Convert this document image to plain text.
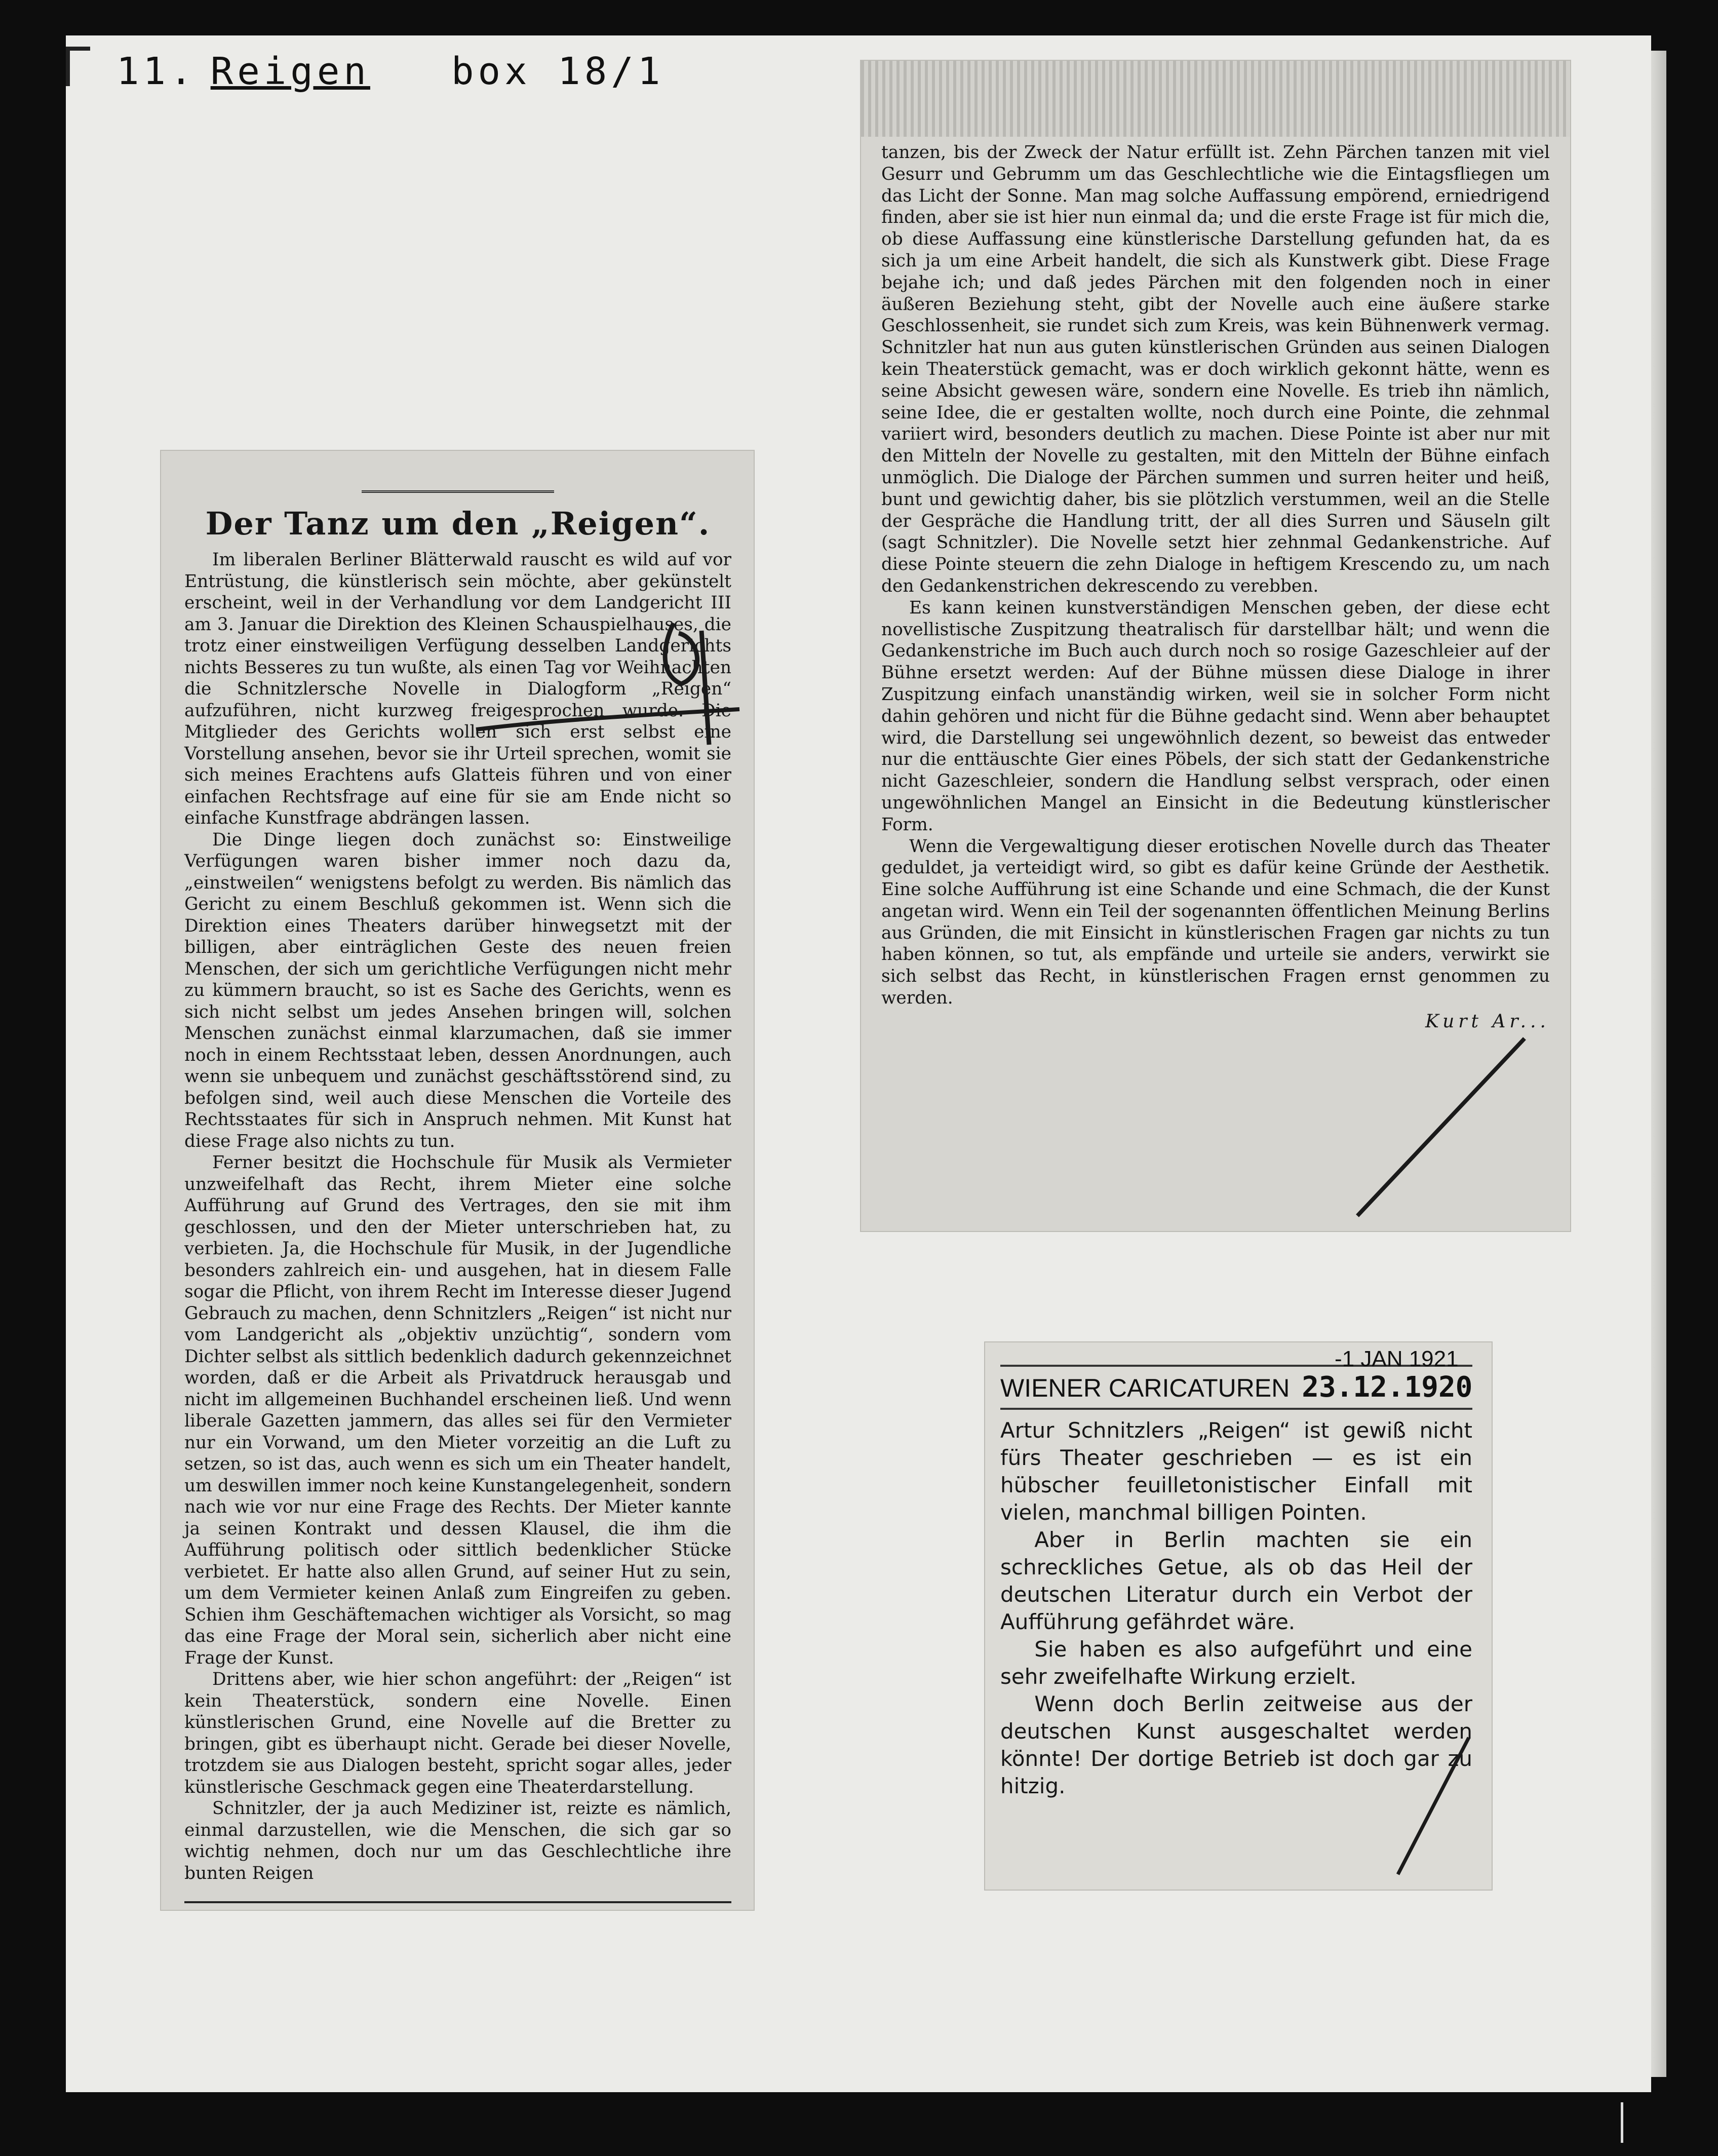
11. Reigen box 18/1

tanzen, bis der Zweck der Natur erfüllt ist. Zehn Pärchen tanzen mit viel Gesurr und Gebrumm um das Geschlechtliche wie die Eintagsfliegen um das Licht der Sonne. Man mag solche Auffassung empörend, erniedrigend finden, aber sie ist hier nun einmal da; und die erste Frage ist für mich die, ob diese Auffassung eine künstlerische Darstellung gefunden hat, da es sich ja um eine Arbeit handelt, die sich als Kunstwerk gibt. Diese Frage bejahe ich; und daß jedes Pärchen mit den folgenden noch in einer äußeren Beziehung steht, gibt der Novelle auch eine äußere starke Geschlossenheit, sie rundet sich zum Kreis, was kein Bühnenwerk vermag. Schnitzler hat nun aus guten künstlerischen Gründen aus seinen Dialogen kein Theaterstück gemacht, was er doch wirklich gekonnt hätte, wenn es seine Absicht gewesen wäre, sondern eine Novelle. Es trieb ihn nämlich, seine Idee, die er gestalten wollte, noch durch eine Pointe, die zehnmal variiert wird, besonders deutlich zu machen. Diese Pointe ist aber nur mit den Mitteln der Novelle zu gestalten, mit den Mitteln der Bühne einfach unmöglich. Die Dialoge der Pärchen summen und surren heiter und heiß, bunt und gewichtig daher, bis sie plötzlich verstummen, weil an die Stelle der Gespräche die Handlung tritt, der all dies Surren und Säuseln gilt (sagt Schnitzler). Die Novelle setzt hier zehnmal Gedankenstriche. Auf diese Pointe steuern die zehn Dialoge in heftigem Krescendo zu, um nach den Gedankenstrichen dekrescendo zu verebben.

Es kann keinen kunstverständigen Menschen geben, der diese echt novellistische Zuspitzung theatralisch für darstellbar hält; und wenn die Gedankenstriche im Buch auch durch noch so rosige Gazeschleier auf der Bühne ersetzt werden: Auf der Bühne müssen diese Dialoge in ihrer Zuspitzung einfach unanständig wirken, weil sie in solcher Form nicht dahin gehören und nicht für die Bühne gedacht sind. Wenn aber behauptet wird, die Darstellung sei ungewöhnlich dezent, so beweist das entweder nur die enttäuschte Gier eines Pöbels, der sich statt der Gedankenstriche nicht Gazeschleier, sondern die Handlung selbst versprach, oder einen ungewöhnlichen Mangel an Einsicht in die Bedeutung künstlerischer Form.

Wenn die Vergewaltigung dieser erotischen Novelle durch das Theater geduldet, ja verteidigt wird, so gibt es dafür keine Gründe der Aesthetik. Eine solche Aufführung ist eine Schande und eine Schmach, die der Kunst angetan wird. Wenn ein Teil der sogenannten öffentlichen Meinung Berlins aus Gründen, die mit Einsicht in künstlerischen Fragen gar nichts zu tun haben können, so tut, als empfände und urteile sie anders, verwirkt sie sich selbst das Recht, in künstlerischen Fragen ernst genommen zu werden.

Kurt Ar...
Der Tanz um den „Reigen“.

Im liberalen Berliner Blätterwald rauscht es wild auf vor Entrüstung, die künstlerisch sein möchte, aber gekünstelt erscheint, weil in der Verhandlung vor dem Landgericht III am 3. Januar die Direktion des Kleinen Schauspielhauses, die trotz einer einstweiligen Verfügung desselben Landgerichts nichts Besseres zu tun wußte, als einen Tag vor Weihnachten die Schnitzlersche Novelle in Dialogform „Reigen“ aufzuführen, nicht kurzweg freigesprochen wurde. Die Mitglieder des Gerichts wollen sich erst selbst eine Vorstellung ansehen, bevor sie ihr Urteil sprechen, womit sie sich meines Erachtens aufs Glatteis führen und von einer einfachen Rechtsfrage auf eine für sie am Ende nicht so einfache Kunstfrage abdrängen lassen.

Die Dinge liegen doch zunächst so: Einstweilige Verfügungen waren bisher immer noch dazu da, „einstweilen“ wenigstens befolgt zu werden. Bis nämlich das Gericht zu einem Beschluß gekommen ist. Wenn sich die Direktion eines Theaters darüber hinwegsetzt mit der billigen, aber einträglichen Geste des neuen freien Menschen, der sich um gerichtliche Verfügungen nicht mehr zu kümmern braucht, so ist es Sache des Gerichts, wenn es sich nicht selbst um jedes Ansehen bringen will, solchen Menschen zunächst einmal klarzumachen, daß sie immer noch in einem Rechtsstaat leben, dessen Anordnungen, auch wenn sie unbequem und zunächst geschäftsstörend sind, zu befolgen sind, weil auch diese Menschen die Vorteile des Rechtsstaates für sich in Anspruch nehmen. Mit Kunst hat diese Frage also nichts zu tun.

Ferner besitzt die Hochschule für Musik als Vermieter unzweifelhaft das Recht, ihrem Mieter eine solche Aufführung auf Grund des Vertrages, den sie mit ihm geschlossen, und den der Mieter unterschrieben hat, zu verbieten. Ja, die Hochschule für Musik, in der Jugendliche besonders zahlreich ein- und ausgehen, hat in diesem Falle sogar die Pflicht, von ihrem Recht im Interesse dieser Jugend Gebrauch zu machen, denn Schnitzlers „Reigen“ ist nicht nur vom Landgericht als „objektiv unzüchtig“, sondern vom Dichter selbst als sittlich bedenklich dadurch gekennzeichnet worden, daß er die Arbeit als Privatdruck herausgab und nicht im allgemeinen Buchhandel erscheinen ließ. Und wenn liberale Gazetten jammern, das alles sei für den Vermieter nur ein Vorwand, um den Mieter vorzeitig an die Luft zu setzen, so ist das, auch wenn es sich um ein Theater handelt, um deswillen immer noch keine Kunstangelegenheit, sondern nach wie vor nur eine Frage des Rechts. Der Mieter kannte ja seinen Kontrakt und dessen Klausel, die ihm die Aufführung politisch oder sittlich bedenklicher Stücke verbietet. Er hatte also allen Grund, auf seiner Hut zu sein, um dem Vermieter keinen Anlaß zum Eingreifen zu geben. Schien ihm Geschäftemachen wichtiger als Vorsicht, so mag das eine Frage der Moral sein, sicherlich aber nicht eine Frage der Kunst.

Drittens aber, wie hier schon angeführt: der „Reigen“ ist kein Theaterstück, sondern eine Novelle. Einen künstlerischen Grund, eine Novelle auf die Bretter zu bringen, gibt es überhaupt nicht. Gerade bei dieser Novelle, trotzdem sie aus Dialogen besteht, spricht sogar alles, jeder künstlerische Geschmack gegen eine Theaterdarstellung.

Schnitzler, der ja auch Mediziner ist, reizte es nämlich, einmal darzustellen, wie die Menschen, die sich gar so wichtig nehmen, doch nur um das Geschlechtliche ihre bunten Reigen

WIENER CARICATUREN 23.12.1920
-1 JAN 1921

Artur Schnitzlers „Reigen“ ist gewiß nicht fürs Theater geschrieben — es ist ein hübscher feuilletonistischer Einfall mit vielen, manchmal billigen Pointen.

Aber in Berlin machten sie ein schreckliches Getue, als ob das Heil der deutschen Literatur durch ein Verbot der Aufführung gefährdet wäre.

Sie haben es also aufgeführt und eine sehr zweifelhafte Wirkung erzielt.

Wenn doch Berlin zeitweise aus der deutschen Kunst ausgeschaltet werden könnte! Der dortige Betrieb ist doch gar zu hitzig.
